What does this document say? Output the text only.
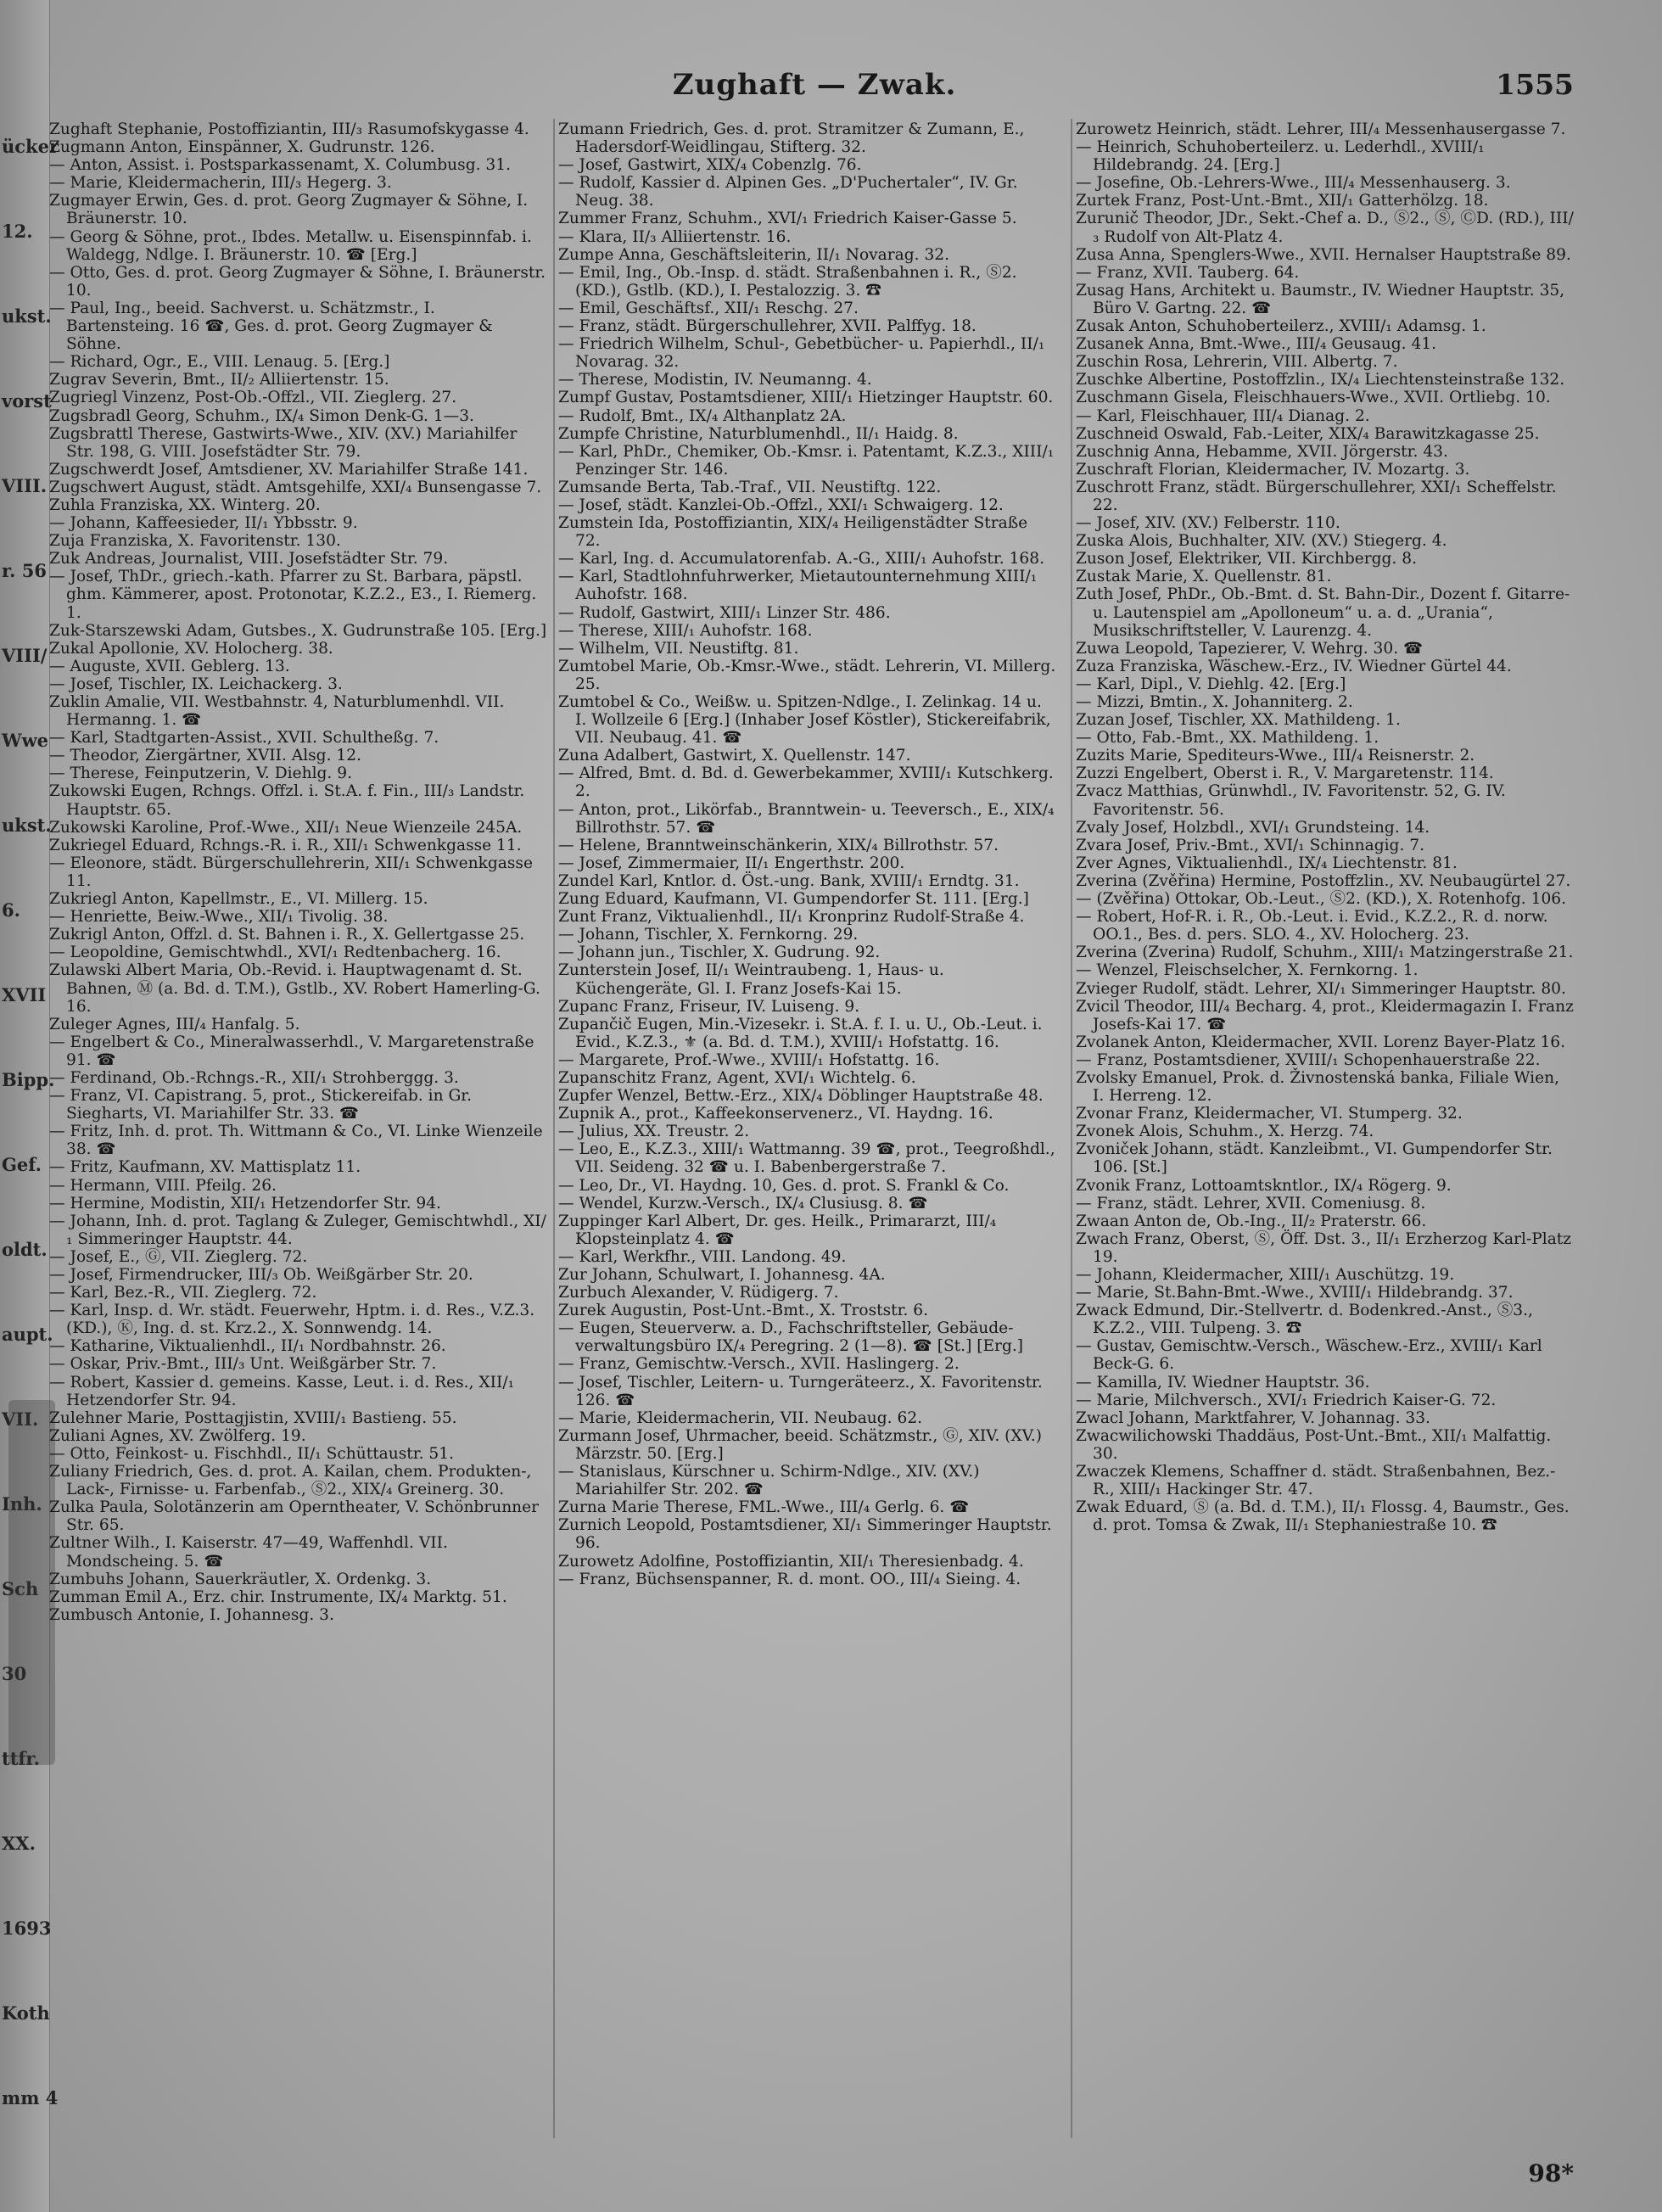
ücker
12.
ukst.
vorst
VIII.
r. 56
VIII/
Wwe
ukst.
6.
XVII
Bipp.
Gef.
oldt.
aupt.
VII.
Inh.
Sch
30
ttfr.
XX.
1693
Koth
mm 4
Zughaft — Zwak.	1555

Zughaft Stephanie, Postoffiziantin, III/₃ Rasumofskygasse 4.

Zugmann Anton, Einspänner, X. Gudrunstr. 126.

— Anton, Assist. i. Postsparkassenamt, X. Columbusg. 31.

— Marie, Kleidermacherin, III/₃ Hegerg. 3.

Zugmayer Erwin, Ges. d. prot. Georg Zugmayer & Söhne, I. Bräunerstr. 10.

— Georg & Söhne, prot., Ibdes. Metallw. u. Eisenspinnfab. i. Waldegg, Ndlge. I. Bräunerstr. 10. ☎ [Erg.]

— Otto, Ges. d. prot. Georg Zugmayer & Söhne, I. Bräunerstr. 10.

— Paul, Ing., beeid. Sachverst. u. Schätzmstr., I. Bartensteing. 16 ☎, Ges. d. prot. Georg Zugmayer & Söhne.

— Richard, Ogr., E., VIII. Lenaug. 5. [Erg.]

Zugrav Severin, Bmt., II/₂ Alliiertenstr. 15.

Zugriegl Vinzenz, Post-Ob.-Offzl., VII. Zieglerg. 27.

Zugsbradl Georg, Schuhm., IX/₄ Simon Denk-G. 1—3.

Zugsbrattl Therese, Gastwirts-Wwe., XIV. (XV.) Mariahilfer Str. 198, G. VIII. Josefstädter Str. 79.

Zugschwerdt Josef, Amtsdiener, XV. Mariahilfer Straße 141.

Zugschwert August, städt. Amtsgehilfe, XXI/₄ Bunsengasse 7.

Zuhla Franziska, XX. Winterg. 20.

— Johann, Kaffeesieder, II/₁ Ybbsstr. 9.

Zuja Franziska, X. Favoritenstr. 130.

Zuk Andreas, Journalist, VIII. Josefstädter Str. 79.

— Josef, ThDr., griech.-kath. Pfarrer zu St. Barbara, päpstl. ghm. Kämmerer, apost. Protonotar, K.Z.2., E3., I. Riemerg. 1.

Zuk-Starszewski Adam, Gutsbes., X. Gudrunstraße 105. [Erg.]

Zukal Apollonie, XV. Holocherg. 38.

— Auguste, XVII. Geblerg. 13.

— Josef, Tischler, IX. Leichackerg. 3.

Zuklin Amalie, VII. Westbahnstr. 4, Naturblumenhdl. VII. Hermanng. 1. ☎

— Karl, Stadtgarten-Assist., XVII. Schultheßg. 7.

— Theodor, Ziergärtner, XVII. Alsg. 12.

— Therese, Feinputzerin, V. Diehlg. 9.

Zukowski Eugen, Rchngs. Offzl. i. St.A. f. Fin., III/₃ Landstr. Hauptstr. 65.

Zukowski Karoline, Prof.-Wwe., XII/₁ Neue Wienzeile 245A.

Zukriegel Eduard, Rchngs.-R. i. R., XII/₁ Schwenkgasse 11.

— Eleonore, städt. Bürgerschullehrerin, XII/₁ Schwenkgasse 11.

Zukriegl Anton, Kapellmstr., E., VI. Millerg. 15.

— Henriette, Beiw.-Wwe., XII/₁ Tivolig. 38.

Zukrigl Anton, Offzl. d. St. Bahnen i. R., X. Gellertgasse 25.

— Leopoldine, Gemischtwhdl., XVI/₁ Redtenbacherg. 16.

Zulawski Albert Maria, Ob.-Revid. i. Hauptwagenamt d. St. Bahnen, Ⓜ (a. Bd. d. T.M.), Gstlb., XV. Robert Hamerling-G. 16.

Zuleger Agnes, III/₄ Hanfalg. 5.

— Engelbert & Co., Mineralwasserhdl., V. Margaretenstraße 91. ☎

— Ferdinand, Ob.-Rchngs.-R., XII/₁ Strohberggg. 3.

— Franz, VI. Capistrang. 5, prot., Stickereifab. in Gr. Siegharts, VI. Mariahilfer Str. 33. ☎

— Fritz, Inh. d. prot. Th. Wittmann & Co., VI. Linke Wienzeile 38. ☎

— Fritz, Kaufmann, XV. Mattisplatz 11.

— Hermann, VIII. Pfeilg. 26.

— Hermine, Modistin, XII/₁ Hetzendorfer Str. 94.

— Johann, Inh. d. prot. Taglang & Zuleger, Gemischtwhdl., XI/₁ Simmeringer Hauptstr. 44.

— Josef, E., Ⓖ, VII. Zieglerg. 72.

— Josef, Firmendrucker, III/₃ Ob. Weißgärber Str. 20.

— Karl, Bez.-R., VII. Zieglerg. 72.

— Karl, Insp. d. Wr. städt. Feuerwehr, Hptm. i. d. Res., V.Z.3. (KD.), Ⓚ, Ing. d. st. Krz.2., X. Sonnwendg. 14.

— Katharine, Viktualienhdl., II/₁ Nordbahnstr. 26.

— Oskar, Priv.-Bmt., III/₃ Unt. Weißgärber Str. 7.

— Robert, Kassier d. gemeins. Kasse, Leut. i. d. Res., XII/₁ Hetzendorfer Str. 94.

Zulehner Marie, Posttagjistin, XVIII/₁ Bastieng. 55.

Zuliani Agnes, XV. Zwölferg. 19.

— Otto, Feinkost- u. Fischhdl., II/₁ Schüttaustr. 51.

Zuliany Friedrich, Ges. d. prot. A. Kailan, chem. Produkten-, Lack-, Firnisse- u. Farbenfab., Ⓢ2., XIX/₄ Greinerg. 30.

Zulka Paula, Solotänzerin am Operntheater, V. Schönbrunner Str. 65.

Zultner Wilh., I. Kaiserstr. 47—49, Waffenhdl. VII. Mondscheing. 5. ☎

Zumbuhs Johann, Sauerkräutler, X. Ordenkg. 3.

Zumman Emil A., Erz. chir. Instrumente, IX/₄ Marktg. 51.

Zumbusch Antonie, I. Johannesg. 3.

Zumann Friedrich, Ges. d. prot. Stramitzer & Zumann, E., Hadersdorf-Weidlingau, Stifterg. 32.

— Josef, Gastwirt, XIX/₄ Cobenzlg. 76.

— Rudolf, Kassier d. Alpinen Ges. „D'Puchertaler“, IV. Gr. Neug. 38.

Zummer Franz, Schuhm., XVI/₁ Friedrich Kaiser-Gasse 5.

— Klara, II/₃ Alliiertenstr. 16.

Zumpe Anna, Geschäftsleiterin, II/₁ Novarag. 32.

— Emil, Ing., Ob.-Insp. d. städt. Straßenbahnen i. R., Ⓢ2. (KD.), Gstlb. (KD.), I. Pestalozzig. 3. ☎

— Emil, Geschäftsf., XII/₁ Reschg. 27.

— Franz, städt. Bürgerschullehrer, XVII. Palffyg. 18.

— Friedrich Wilhelm, Schul-, Gebetbücher- u. Papierhdl., II/₁ Novarag. 32.

— Therese, Modistin, IV. Neumanng. 4.

Zumpf Gustav, Postamtsdiener, XIII/₁ Hietzinger Hauptstr. 60.

— Rudolf, Bmt., IX/₄ Althanplatz 2A.

Zumpfe Christine, Naturblumenhdl., II/₁ Haidg. 8.

— Karl, PhDr., Chemiker, Ob.-Kmsr. i. Patentamt, K.Z.3., XIII/₁ Penzinger Str. 146.

Zumsande Berta, Tab.-Traf., VII. Neustiftg. 122.

— Josef, städt. Kanzlei-Ob.-Offzl., XXI/₁ Schwaigerg. 12.

Zumstein Ida, Postoffiziantin, XIX/₄ Heiligenstädter Straße 72.

— Karl, Ing. d. Accumulatorenfab. A.-G., XIII/₁ Auhofstr. 168.

— Karl, Stadtlohnfuhrwerker, Mietautounternehmung XIII/₁ Auhofstr. 168.

— Rudolf, Gastwirt, XIII/₁ Linzer Str. 486.

— Therese, XIII/₁ Auhofstr. 168.

— Wilhelm, VII. Neustiftg. 81.

Zumtobel Marie, Ob.-Kmsr.-Wwe., städt. Lehrerin, VI. Millerg. 25.

Zumtobel & Co., Weißw. u. Spitzen-Ndlge., I. Zelinkag. 14 u. I. Wollzeile 6 [Erg.] (Inhaber Josef Köstler), Stickereifabrik, VII. Neubaug. 41. ☎

Zuna Adalbert, Gastwirt, X. Quellenstr. 147.

— Alfred, Bmt. d. Bd. d. Gewerbekammer, XVIII/₁ Kutschkerg. 2.

— Anton, prot., Likörfab., Branntwein- u. Teeversch., E., XIX/₄ Billrothstr. 57. ☎

— Helene, Branntweinschänkerin, XIX/₄ Billrothstr. 57.

— Josef, Zimmermaier, II/₁ Engerthstr. 200.

Zundel Karl, Kntlor. d. Öst.-ung. Bank, XVIII/₁ Erndtg. 31.

Zung Eduard, Kaufmann, VI. Gumpendorfer St. 111. [Erg.]

Zunt Franz, Viktualienhdl., II/₁ Kronprinz Rudolf-Straße 4.

— Johann, Tischler, X. Fernkorng. 29.

— Johann jun., Tischler, X. Gudrung. 92.

Zunterstein Josef, II/₁ Weintraubeng. 1, Haus- u. Küchengeräte, Gl. I. Franz Josefs-Kai 15.

Zupanc Franz, Friseur, IV. Luiseng. 9.

Zupančič Eugen, Min.-Vizesekr. i. St.A. f. I. u. U., Ob.-Leut. i. Evid., K.Z.3., ⚜ (a. Bd. d. T.M.), XVIII/₁ Hofstattg. 16.

— Margarete, Prof.-Wwe., XVIII/₁ Hofstattg. 16.

Zupanschitz Franz, Agent, XVI/₁ Wichtelg. 6.

Zupfer Wenzel, Bettw.-Erz., XIX/₄ Döblinger Hauptstraße 48.

Zupnik A., prot., Kaffeekonservenerz., VI. Haydng. 16.

— Julius, XX. Treustr. 2.

— Leo, E., K.Z.3., XIII/₁ Wattmanng. 39 ☎, prot., Teegroßhdl., VII. Seideng. 32 ☎ u. I. Babenbergerstraße 7.

— Leo, Dr., VI. Haydng. 10, Ges. d. prot. S. Frankl & Co.

— Wendel, Kurzw.-Versch., IX/₄ Clusiusg. 8. ☎

Zuppinger Karl Albert, Dr. ges. Heilk., Primararzt, III/₄ Klopsteinplatz 4. ☎

— Karl, Werkfhr., VIII. Landong. 49.

Zur Johann, Schulwart, I. Johannesg. 4A.

Zurbuch Alexander, V. Rüdigerg. 7.

Zurek Augustin, Post-Unt.-Bmt., X. Troststr. 6.

— Eugen, Steuerverw. a. D., Fachschriftsteller, Gebäudeverwaltungsbüro IX/₄ Peregring. 2 (1—8). ☎ [St.] [Erg.]

— Franz, Gemischtw.-Versch., XVII. Haslingerg. 2.

— Josef, Tischler, Leitern- u. Turngeräteerz., X. Favoritenstr. 126. ☎

— Marie, Kleidermacherin, VII. Neubaug. 62.

Zurmann Josef, Uhrmacher, beeid. Schätzmstr., Ⓖ, XIV. (XV.) Märzstr. 50. [Erg.]

— Stanislaus, Kürschner u. Schirm-Ndlge., XIV. (XV.) Mariahilfer Str. 202. ☎

Zurna Marie Therese, FML.-Wwe., III/₄ Gerlg. 6. ☎

Zurnich Leopold, Postamtsdiener, XI/₁ Simmeringer Hauptstr. 96.

Zurowetz Adolfine, Postoffiziantin, XII/₁ Theresienbadg. 4.

— Franz, Büchsenspanner, R. d. mont. OO., III/₄ Sieing. 4.

Zurowetz Heinrich, städt. Lehrer, III/₄ Messenhausergasse 7.

— Heinrich, Schuhoberteilerz. u. Lederhdl., XVIII/₁ Hildebrandg. 24. [Erg.]

— Josefine, Ob.-Lehrers-Wwe., III/₄ Messenhauserg. 3.

Zurtek Franz, Post-Unt.-Bmt., XII/₁ Gatterhölzg. 18.

Zurunič Theodor, JDr., Sekt.-Chef a. D., Ⓢ2., Ⓢ, ⒸD. (RD.), III/₃ Rudolf von Alt-Platz 4.

Zusa Anna, Spenglers-Wwe., XVII. Hernalser Hauptstraße 89.

— Franz, XVII. Tauberg. 64.

Zusag Hans, Architekt u. Baumstr., IV. Wiedner Hauptstr. 35, Büro V. Gartng. 22. ☎

Zusak Anton, Schuhoberteilerz., XVIII/₁ Adamsg. 1.

Zusanek Anna, Bmt.-Wwe., III/₄ Geusaug. 41.

Zuschin Rosa, Lehrerin, VIII. Albertg. 7.

Zuschke Albertine, Postoffzlin., IX/₄ Liechtensteinstraße 132.

Zuschmann Gisela, Fleischhauers-Wwe., XVII. Ortliebg. 10.

— Karl, Fleischhauer, III/₄ Dianag. 2.

Zuschneid Oswald, Fab.-Leiter, XIX/₄ Barawitzkagasse 25.

Zuschnig Anna, Hebamme, XVII. Jörgerstr. 43.

Zuschraft Florian, Kleidermacher, IV. Mozartg. 3.

Zuschrott Franz, städt. Bürgerschullehrer, XXI/₁ Scheffelstr. 22.

— Josef, XIV. (XV.) Felberstr. 110.

Zuska Alois, Buchhalter, XIV. (XV.) Stiegerg. 4.

Zuson Josef, Elektriker, VII. Kirchbergg. 8.

Zustak Marie, X. Quellenstr. 81.

Zuth Josef, PhDr., Ob.-Bmt. d. St. Bahn-Dir., Dozent f. Gitarre- u. Lautenspiel am „Apolloneum“ u. a. d. „Urania“, Musikschriftsteller, V. Laurenzg. 4.

Zuwa Leopold, Tapezierer, V. Wehrg. 30. ☎

Zuza Franziska, Wäschew.-Erz., IV. Wiedner Gürtel 44.

— Karl, Dipl., V. Diehlg. 42. [Erg.]

— Mizzi, Bmtin., X. Johanniterg. 2.

Zuzan Josef, Tischler, XX. Mathildeng. 1.

— Otto, Fab.-Bmt., XX. Mathildeng. 1.

Zuzits Marie, Spediteurs-Wwe., III/₄ Reisnerstr. 2.

Zuzzi Engelbert, Oberst i. R., V. Margaretenstr. 114.

Zvacz Matthias, Grünwhdl., IV. Favoritenstr. 52, G. IV. Favoritenstr. 56.

Zvaly Josef, Holzbdl., XVI/₁ Grundsteing. 14.

Zvara Josef, Priv.-Bmt., XVI/₁ Schinnagig. 7.

Zver Agnes, Viktualienhdl., IX/₄ Liechtenstr. 81.

Zverina (Zvěřina) Hermine, Postoffzlin., XV. Neubaugürtel 27.

— (Zvěřina) Ottokar, Ob.-Leut., Ⓢ2. (KD.), X. Rotenhofg. 106.

— Robert, Hof-R. i. R., Ob.-Leut. i. Evid., K.Z.2., R. d. norw. OO.1., Bes. d. pers. SLO. 4., XV. Holocherg. 23.

Zverina (Zverina) Rudolf, Schuhm., XIII/₁ Matzingerstraße 21.

— Wenzel, Fleischselcher, X. Fernkorng. 1.

Zvieger Rudolf, städt. Lehrer, XI/₁ Simmeringer Hauptstr. 80.

Zvicil Theodor, III/₄ Becharg. 4, prot., Kleidermagazin I. Franz Josefs-Kai 17. ☎

Zvolanek Anton, Kleidermacher, XVII. Lorenz Bayer-Platz 16.

— Franz, Postamtsdiener, XVIII/₁ Schopenhauerstraße 22.

Zvolsky Emanuel, Prok. d. Živnostenská banka, Filiale Wien, I. Herreng. 12.

Zvonar Franz, Kleidermacher, VI. Stumperg. 32.

Zvonek Alois, Schuhm., X. Herzg. 74.

Zvoniček Johann, städt. Kanzleibmt., VI. Gumpendorfer Str. 106. [St.]

Zvonik Franz, Lottoamtskntlor., IX/₄ Rögerg. 9.

— Franz, städt. Lehrer, XVII. Comeniusg. 8.

Zwaan Anton de, Ob.-Ing., II/₂ Praterstr. 66.

Zwach Franz, Oberst, Ⓢ, Öff. Dst. 3., II/₁ Erzherzog Karl-Platz 19.

— Johann, Kleidermacher, XIII/₁ Auschützg. 19.

— Marie, St.Bahn-Bmt.-Wwe., XVIII/₁ Hildebrandg. 37.

Zwack Edmund, Dir.-Stellvertr. d. Bodenkred.-Anst., Ⓢ3., K.Z.2., VIII. Tulpeng. 3. ☎

— Gustav, Gemischtw.-Versch., Wäschew.-Erz., XVIII/₁ Karl Beck-G. 6.

— Kamilla, IV. Wiedner Hauptstr. 36.

— Marie, Milchversch., XVI/₁ Friedrich Kaiser-G. 72.

Zwacl Johann, Marktfahrer, V. Johannag. 33.

Zwacwilichowski Thaddäus, Post-Unt.-Bmt., XII/₁ Malfattig. 30.

Zwaczek Klemens, Schaffner d. städt. Straßenbahnen, Bez.-R., XIII/₁ Hackinger Str. 47.

Zwak Eduard, Ⓢ (a. Bd. d. T.M.), II/₁ Flossg. 4, Baumstr., Ges. d. prot. Tomsa & Zwak, II/₁ Stephaniestraße 10. ☎

98*
